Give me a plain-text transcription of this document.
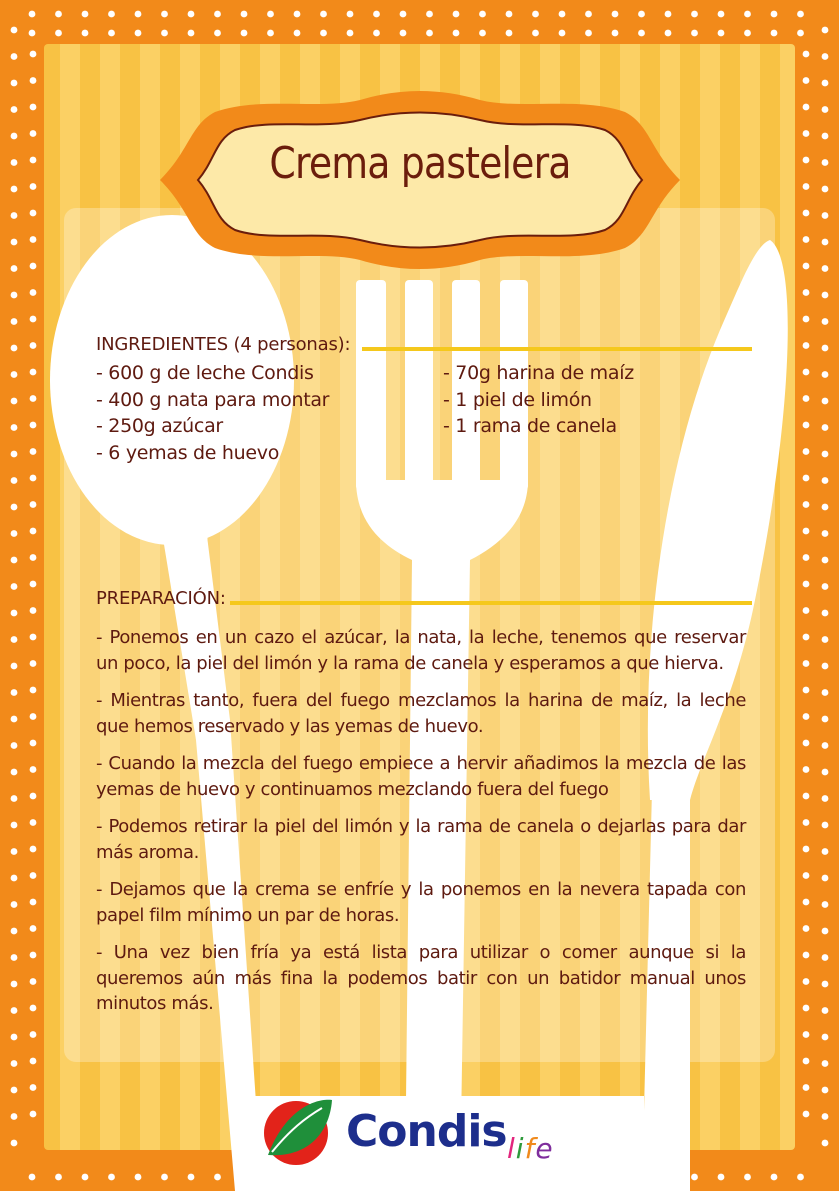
Crema pastelera
INGREDIENTES (4 personas):

- 600 g de leche Condis

- 400 g nata para montar

- 250g azúcar

- 6 yemas de huevo

- 70g harina de maíz

- 1 piel de limón

- 1 rama de canela

PREPARACIÓN:

- Ponemos en un cazo el azúcar, la nata, la leche, tenemos que reservar un poco, la piel del limón y la rama de canela y esperamos a que hierva.

- Mientras tanto, fuera del fuego mezclamos la harina de maíz, la leche que hemos reservado y las yemas de huevo.

- Cuando la mezcla del fuego empiece a hervir añadimos la mezcla de las yemas de huevo y continuamos mezclando fuera del fuego

- Podemos retirar la piel del limón y la rama de canela o dejarlas para dar más aroma.

- Dejamos que la crema se enfríe y la ponemos en la nevera tapada con papel film mínimo un par de horas.

- Una vez bien fría ya está lista para utilizar o comer aunque si la queremos aún más fina la podemos batir con un batidor manual unos minutos más.

Condis life
